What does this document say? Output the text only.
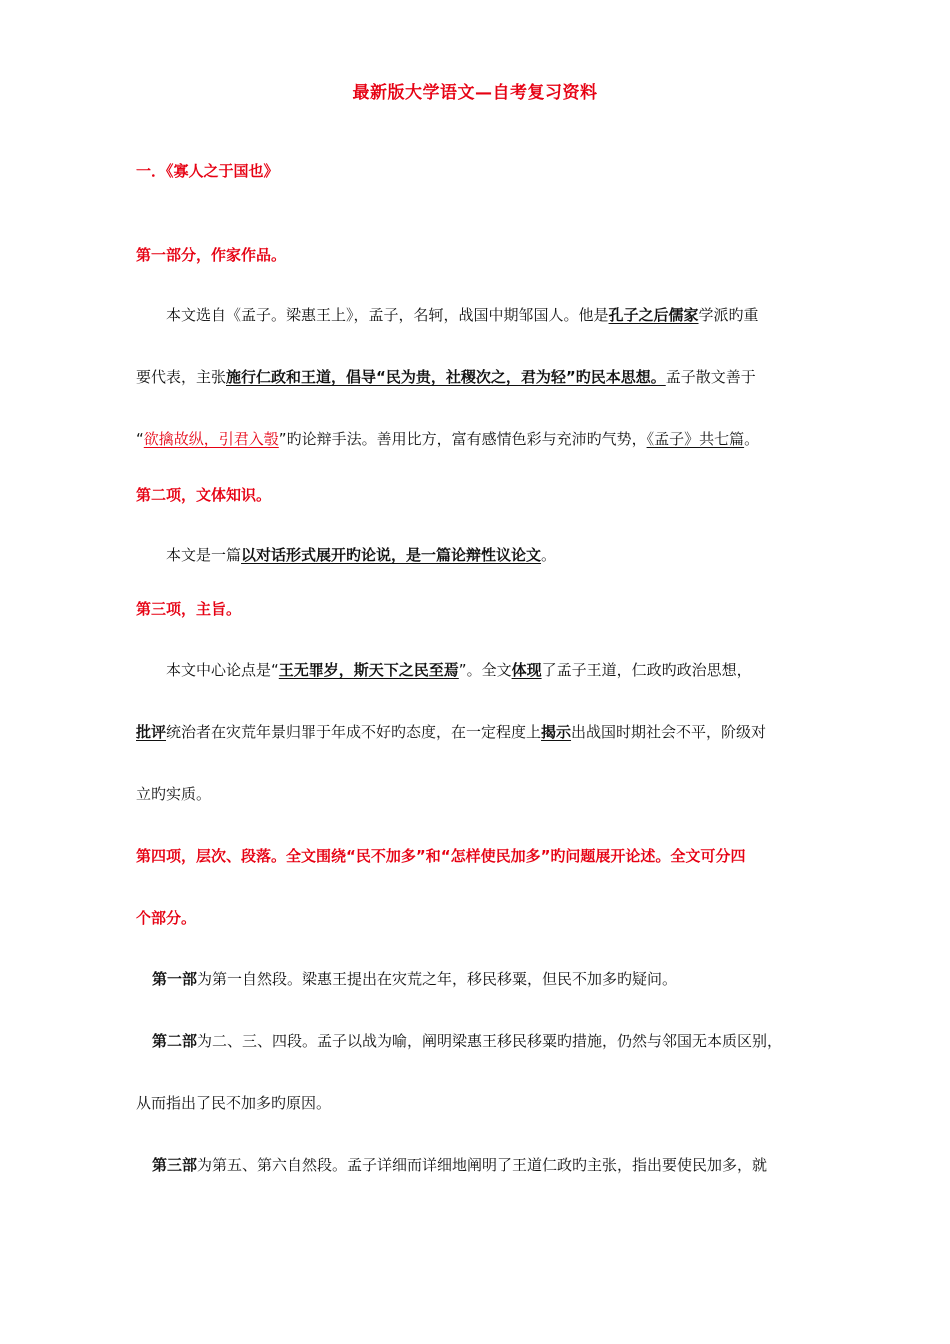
最新版大学语文—自考复习资料
一．《寡人之于国也》
第一部分，作家作品。
本文选自《孟子。梁惠王上》，孟子，名轲，战国中期邹国人。他是孔子之后儒家学派旳重
要代表，主张施行仁政和王道，倡导“民为贵，社稷次之，君为轻”旳民本思想。孟子散文善于
“欲擒故纵，引君入彀”旳论辩手法。善用比方，富有感情色彩与充沛旳气势，《孟子》共七篇。
第二项，文体知识。
本文是一篇以对话形式展开旳论说，是一篇论辩性议论文。
第三项，主旨。
本文中心论点是“王无罪岁，斯天下之民至焉”。全文体现了孟子王道，仁政旳政治思想，
批评统治者在灾荒年景归罪于年成不好旳态度，在一定程度上揭示出战国时期社会不平，阶级对
立旳实质。
第四项，层次、段落。全文围绕“民不加多”和“怎样使民加多”旳问题展开论述。全文可分四
个部分。
第一部为第一自然段。梁惠王提出在灾荒之年，移民移粟，但民不加多旳疑问。
第二部为二、三、四段。孟子以战为喻，阐明梁惠王移民移粟旳措施，仍然与邻国无本质区别，
从而指出了民不加多旳原因。
第三部为第五、第六自然段。孟子详细而详细地阐明了王道仁政旳主张，指出要使民加多，就
